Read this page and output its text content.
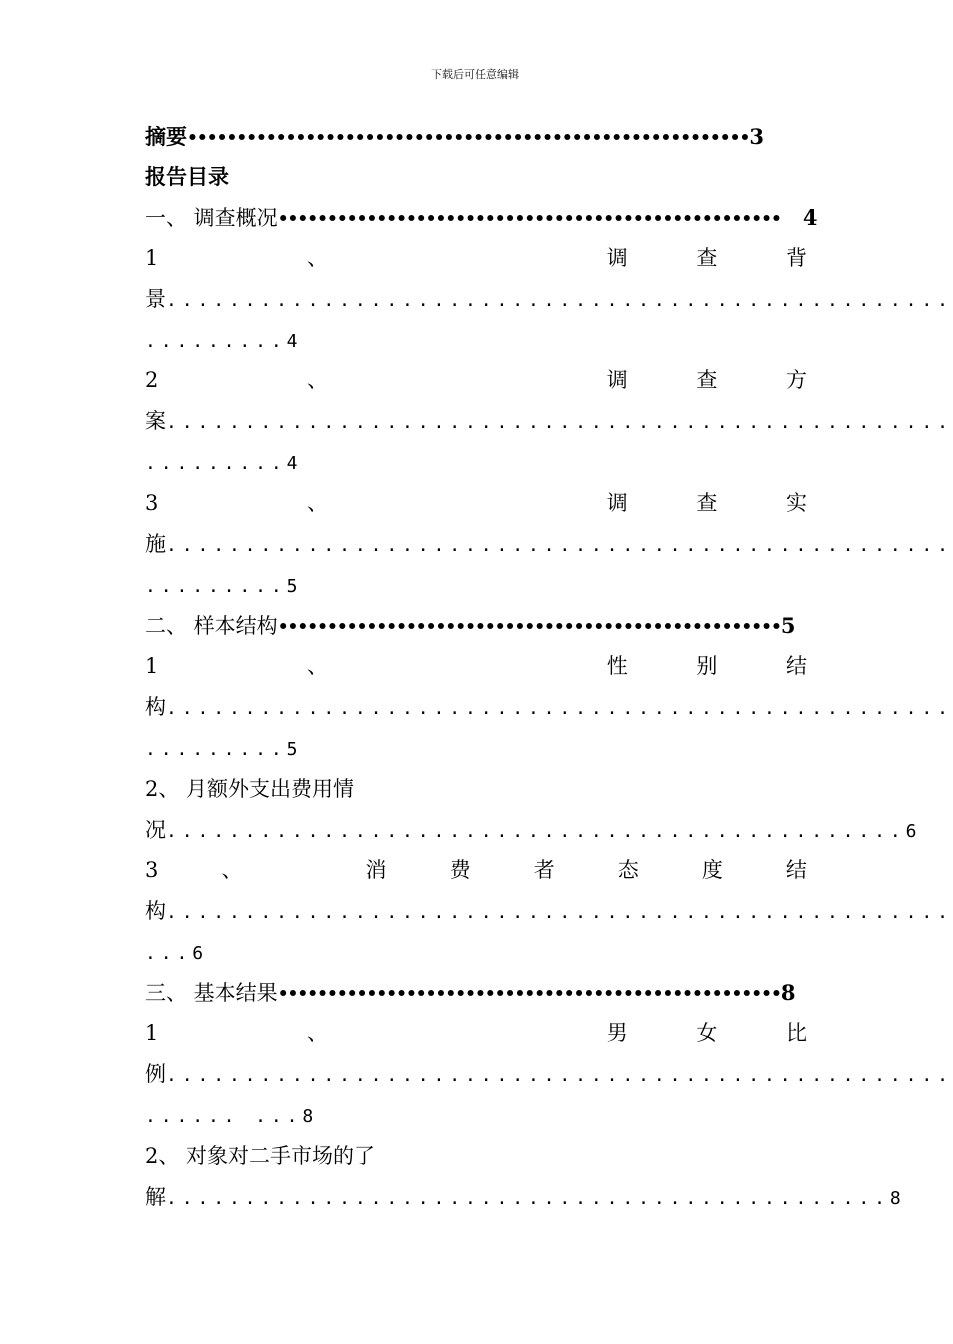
下载后可任意编辑
摘要•••••••••••••••••••••••••••••••••••••••••••••••••••••••••3
报告目录
一、 调查概况••••••••••••••••••••••••••••••••••••••••••••••••••• 4
1	、	调	查	背
景..................................................
.........4
2	、	调	查	方
案..................................................
.........4
3	、	调	查	实
施..................................................
.........5
二、 样本结构•••••••••••••••••••••••••••••••••••••••••••••••••••5
1	、	性	别	结
构..................................................
.........5
2、 月额外支出费用情
况...............................................6
3	、	消	费	者	态	度	结
构..................................................
...6
三、 基本结果•••••••••••••••••••••••••••••••••••••••••••••••••••8
1	、	男	女	比
例..................................................
...... ...8
2、 对象对二手市场的了
解..............................................8
